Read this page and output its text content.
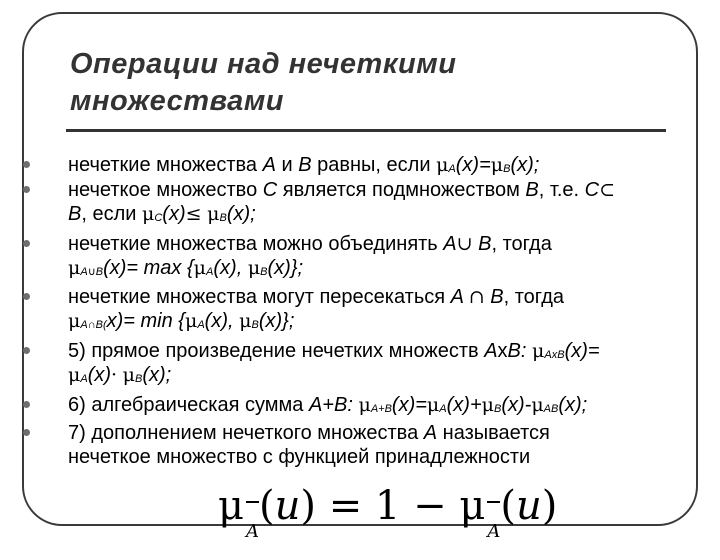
Операции над нечеткими
множествами
нечеткие множества A и B равны, если μA(x)=μB(x);
нечеткое множество C является подмножеством B, т.е. C⊂
B, если μC(x)≤ μB(x);
нечеткие множества можно объединять A∪ B, тогда
μA∪B(x)= max {μA(x), μB(x)};
нечеткие множества могут пересекаться A ∩ B, тогда
μA∩B(x)= min {μA(x), μB(x)};
5) прямое произведение нечетких множеств AxB: μAxB(x)=
μA(x)· μB(x);
6) алгебраическая сумма A+B: μA+B(x)=μA(x)+μB(x)-μAB(x);
7) дополнением нечеткого множества A называется
нечеткое множество с функцией принадлежности
μA(u) = 1 − μA(u)
